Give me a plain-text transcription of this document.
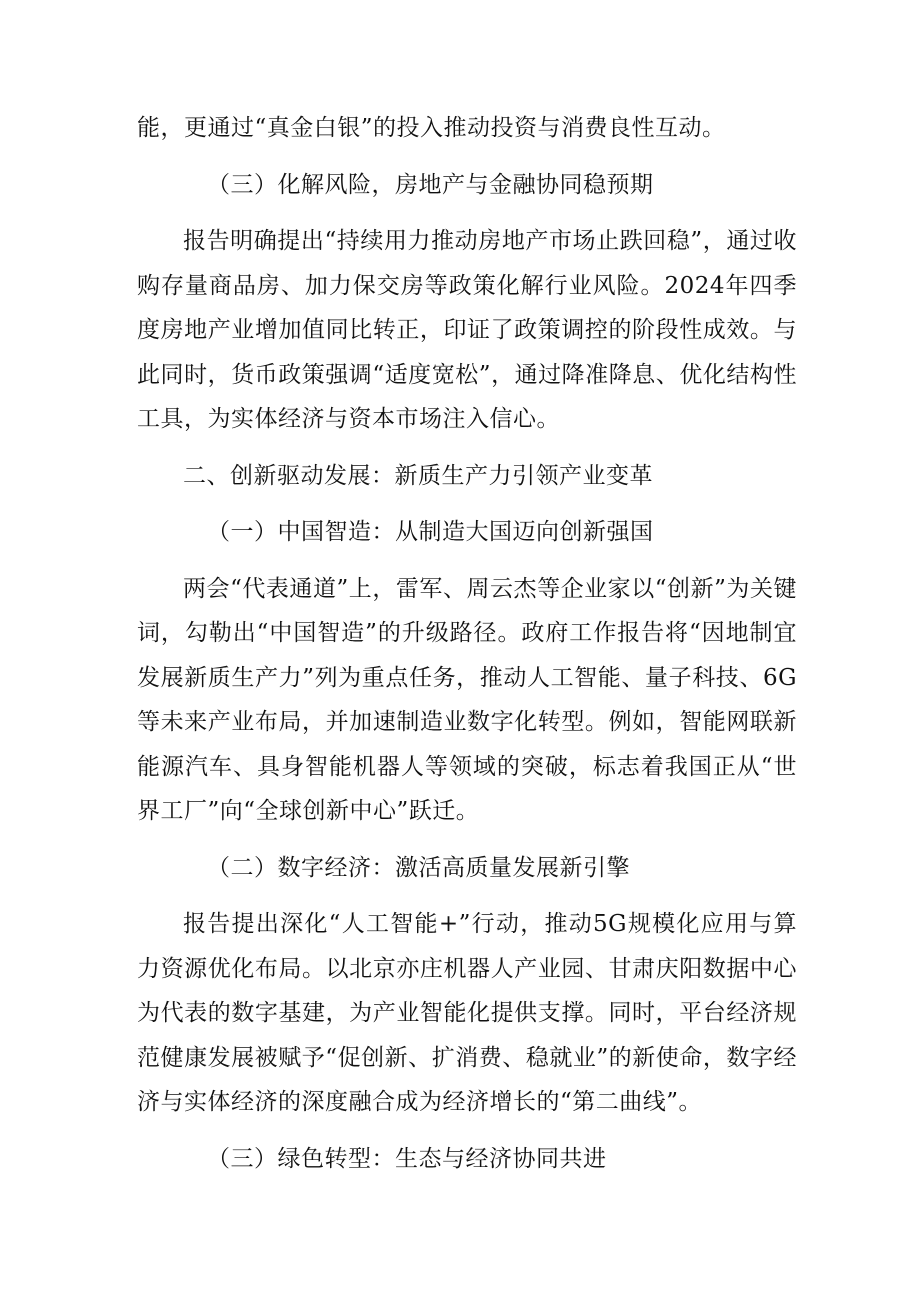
能，更通过“真金白银”的投入推动投资与消费良性互动。

（三）化解风险，房地产与金融协同稳预期

报告明确提出“持续用力推动房地产市场止跌回稳”，通过收购存量商品房、加力保交房等政策化解行业风险。2024年四季度房地产业增加值同比转正，印证了政策调控的阶段性成效。与此同时，货币政策强调“适度宽松”，通过降准降息、优化结构性工具，为实体经济与资本市场注入信心。

二、创新驱动发展：新质生产力引领产业变革

（一）中国智造：从制造大国迈向创新强国

两会“代表通道”上，雷军、周云杰等企业家以“创新”为关键词，勾勒出“中国智造”的升级路径。政府工作报告将“因地制宜发展新质生产力”列为重点任务，推动人工智能、量子科技、6G等未来产业布局，并加速制造业数字化转型。例如，智能网联新能源汽车、具身智能机器人等领域的突破，标志着我国正从“世界工厂”向“全球创新中心”跃迁。

（二）数字经济：激活高质量发展新引擎

报告提出深化“人工智能+”行动，推动5G规模化应用与算力资源优化布局。以北京亦庄机器人产业园、甘肃庆阳数据中心为代表的数字基建，为产业智能化提供支撑。同时，平台经济规范健康发展被赋予“促创新、扩消费、稳就业”的新使命，数字经济与实体经济的深度融合成为经济增长的“第二曲线”。

（三）绿色转型：生态与经济协同共进
